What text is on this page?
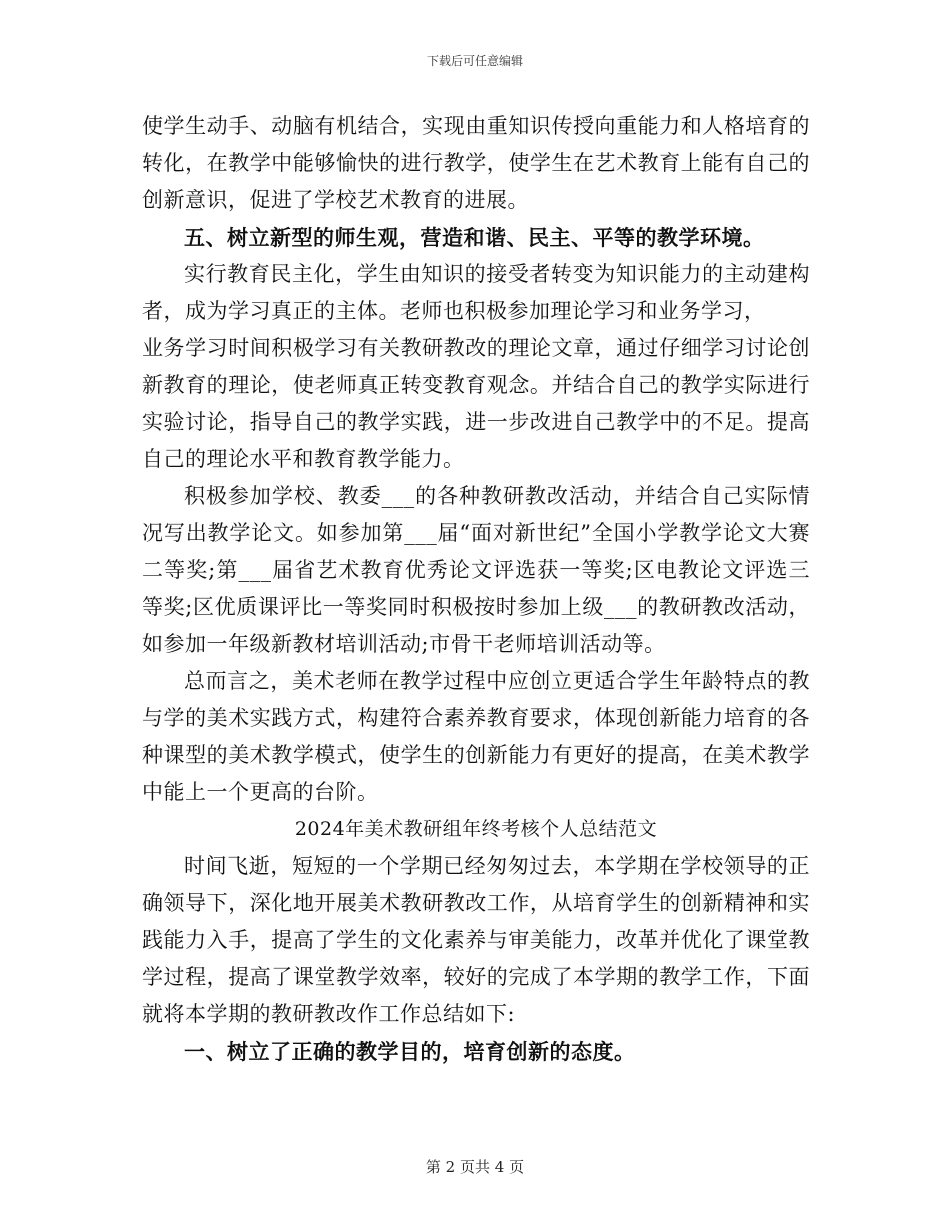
下载后可任意编辑

使学生动手、动脑有机结合，实现由重知识传授向重能力和人格培育的转化，在教学中能够愉快的进行教学，使学生在艺术教育上能有自己的创新意识，促进了学校艺术教育的进展。

五、树立新型的师生观，营造和谐、民主、平等的教学环境。

实行教育民主化，学生由知识的接受者转变为知识能力的主动建构者，成为学习真正的主体。老师也积极参加理论学习和业务学习，

业务学习时间积极学习有关教研教改的理论文章，通过仔细学习讨论创新教育的理论，使老师真正转变教育观念。并结合自己的教学实际进行实验讨论，指导自己的教学实践，进一步改进自己教学中的不足。提高自己的理论水平和教育教学能力。

积极参加学校、教委___的各种教研教改活动，并结合自己实际情况写出教学论文。如参加第___届“面对新世纪”全国小学教学论文大赛二等奖;第___届省艺术教育优秀论文评选获一等奖;区电教论文评选三等奖;区优质课评比一等奖同时积极按时参加上级___的教研教改活动，如参加一年级新教材培训活动;市骨干老师培训活动等。

总而言之，美术老师在教学过程中应创立更适合学生年龄特点的教与学的美术实践方式，构建符合素养教育要求，体现创新能力培育的各种课型的美术教学模式，使学生的创新能力有更好的提高，在美术教学中能上一个更高的台阶。

2024年美术教研组年终考核个人总结范文

时间飞逝，短短的一个学期已经匆匆过去，本学期在学校领导的正确领导下，深化地开展美术教研教改工作，从培育学生的创新精神和实践能力入手，提高了学生的文化素养与审美能力，改革并优化了课堂教学过程，提高了课堂教学效率，较好的完成了本学期的教学工作，下面就将本学期的教研教改作工作总结如下:

一、树立了正确的教学目的，培育创新的态度。

第 2 页共 4 页
